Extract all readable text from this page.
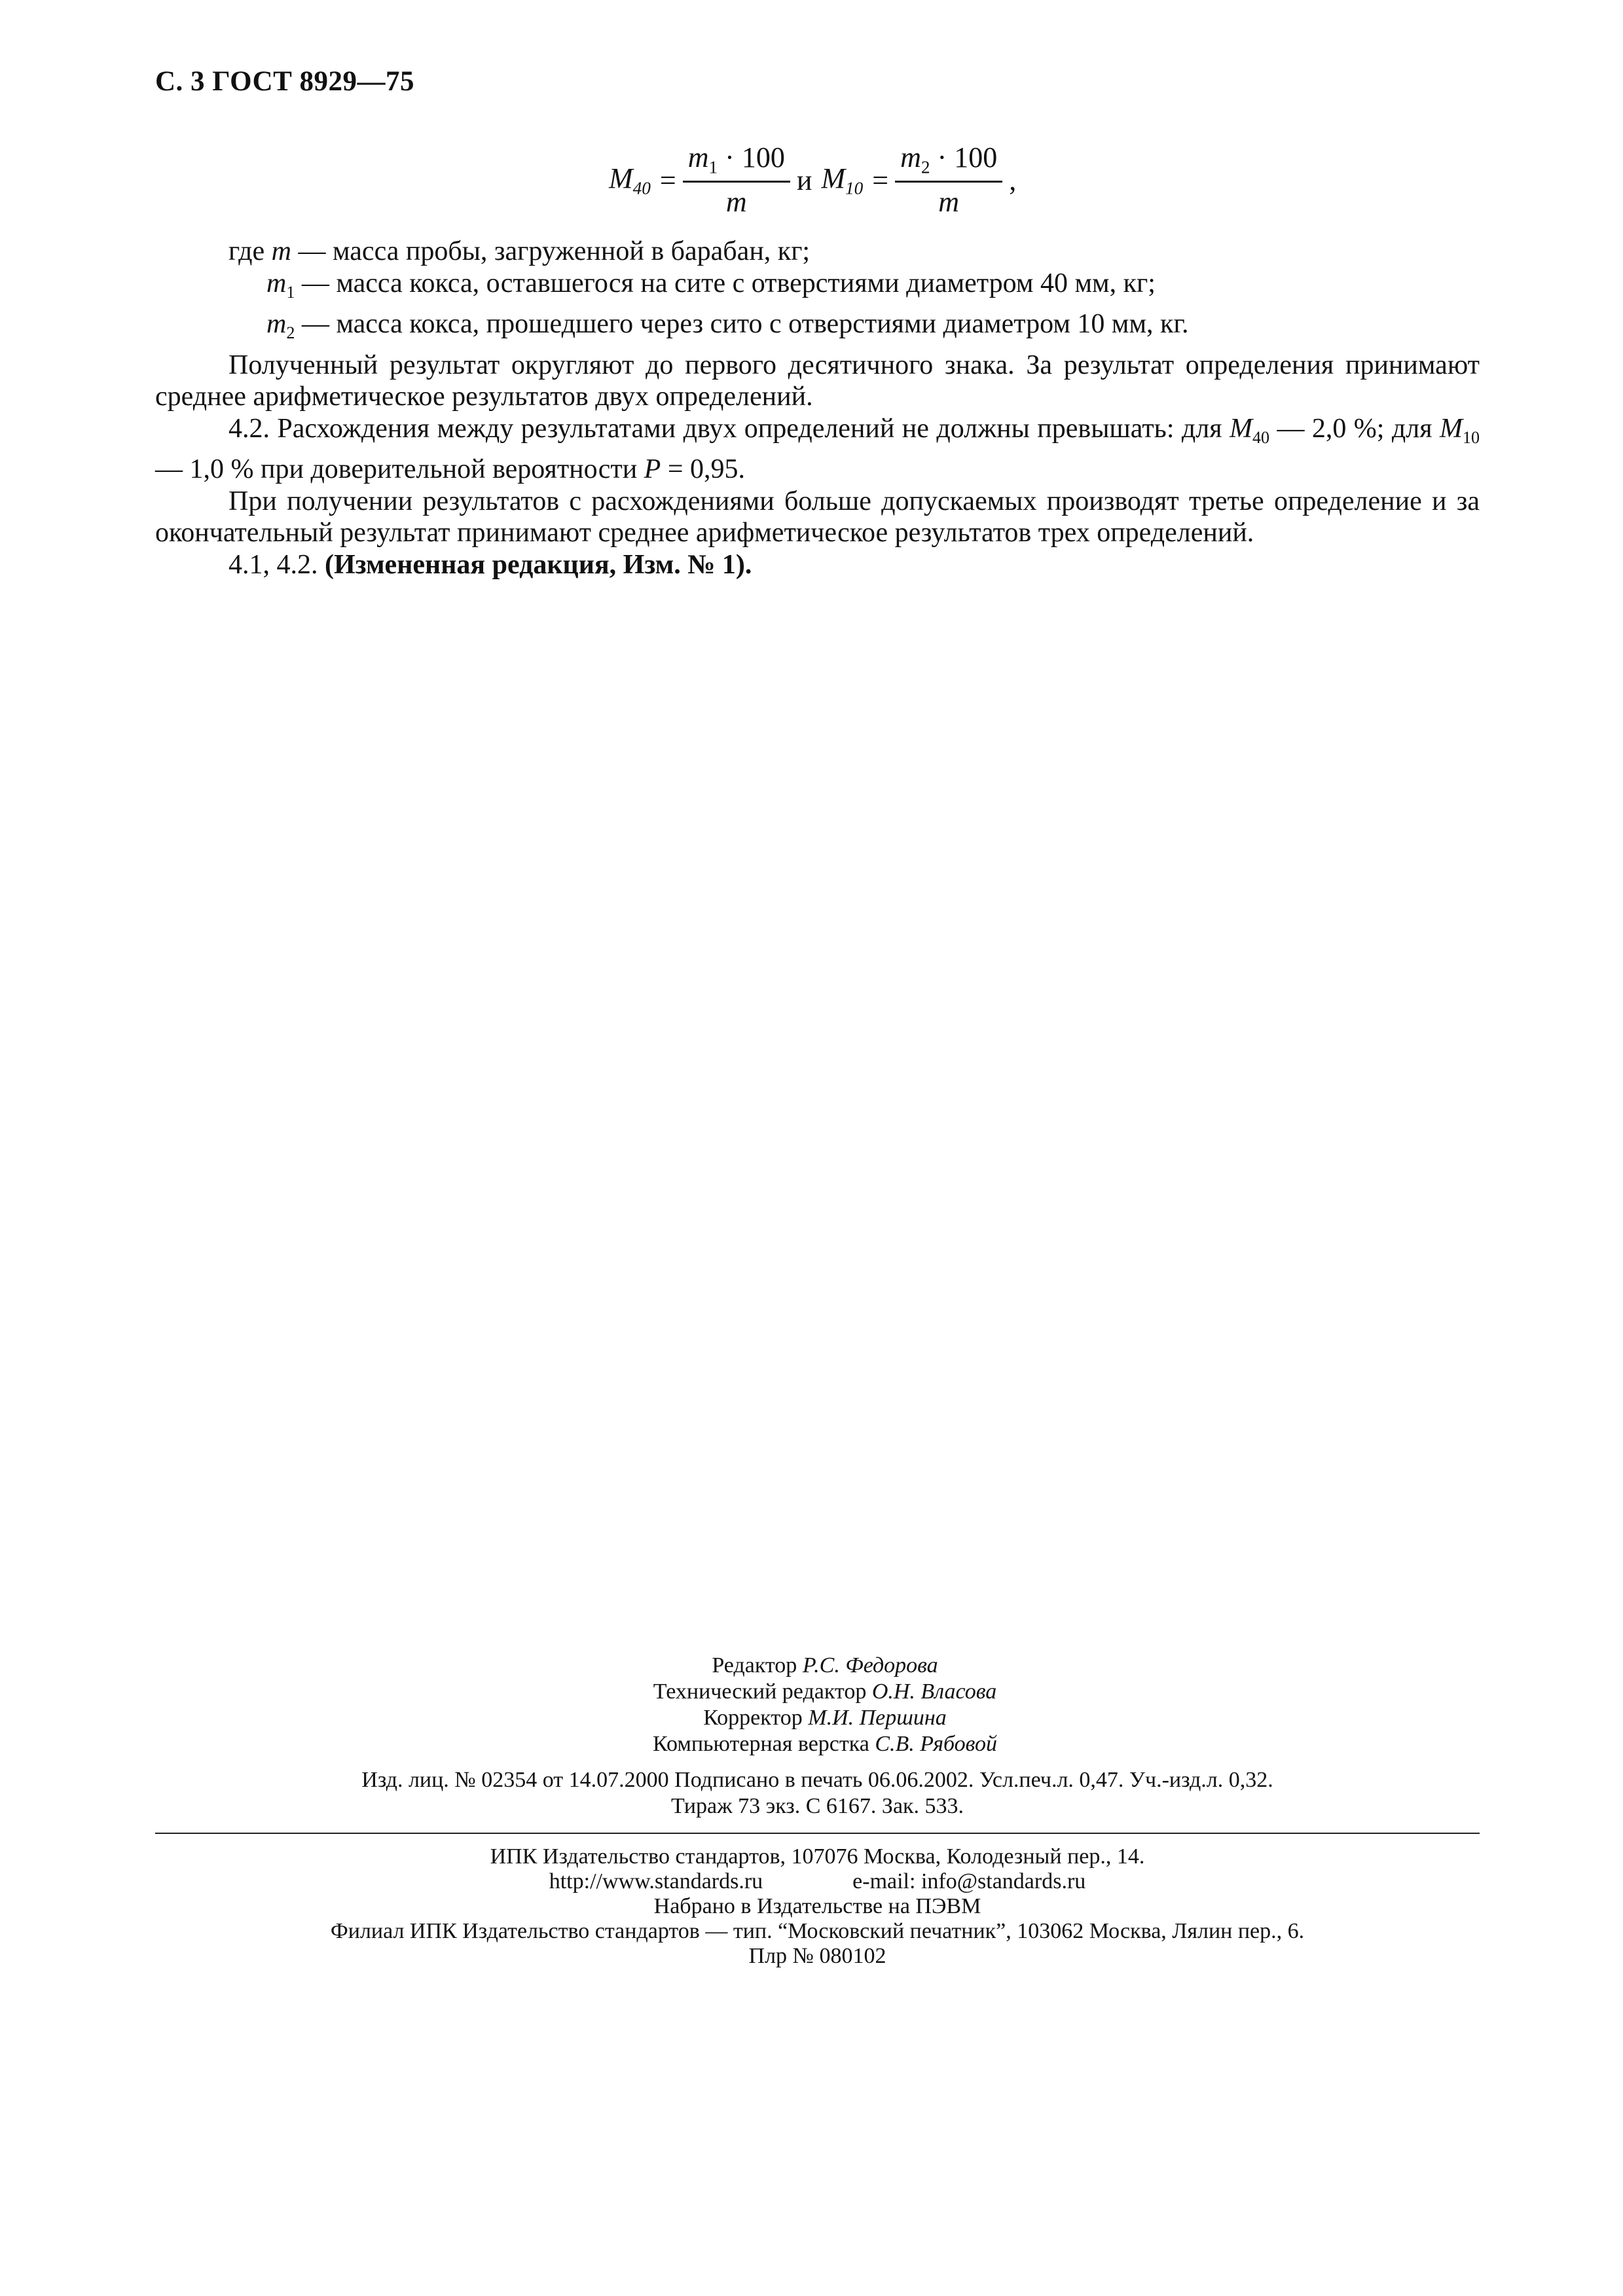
С. 3 ГОСТ 8929—75
$M_{40} = \frac{m_1 \cdot 100}{m}$ и $M_{10} = \frac{m_2 \cdot 100}{m}$ ,

где m — масса пробы, загруженной в барабан, кг;

$m_1$ — масса кокса, оставшегося на сите с отверстиями диаметром 40 мм, кг;

$m_2$ — масса кокса, прошедшего через сито с отверстиями диаметром 10 мм, кг.

Полученный результат округляют до первого десятичного знака. За результат определения принимают среднее арифметическое результатов двух определений.

4.2. Расхождения между результатами двух определений не должны превышать: для $M_{40}$ — 2,0 %; для $M_{10}$ — 1,0 % при доверительной вероятности P = 0,95.

При получении результатов с расхождениями больше допускаемых производят третье определение и за окончательный результат принимают среднее арифметическое результатов трех определений.

4.1, 4.2. (Измененная редакция, Изм. № 1).

Редактор Р.С. Федорова
Технический редактор О.Н. Власова
Корректор М.И. Першина
Компьютерная верстка С.В. Рябовой
Изд. лиц. № 02354 от 14.07.2000 Подписано в печать 06.06.2002. Усл.печ.л. 0,47. Уч.-изд.л. 0,32.
Тираж 73 экз. С 6167. Зак. 533.
ИПК Издательство стандартов, 107076 Москва, Колодезный пер., 14.
http://www.standards.ru	e-mail: info@standards.ru
Набрано в Издательстве на ПЭВМ
Филиал ИПК Издательство стандартов — тип. “Московский печатник”, 103062 Москва, Лялин пер., 6.
Плр № 080102
